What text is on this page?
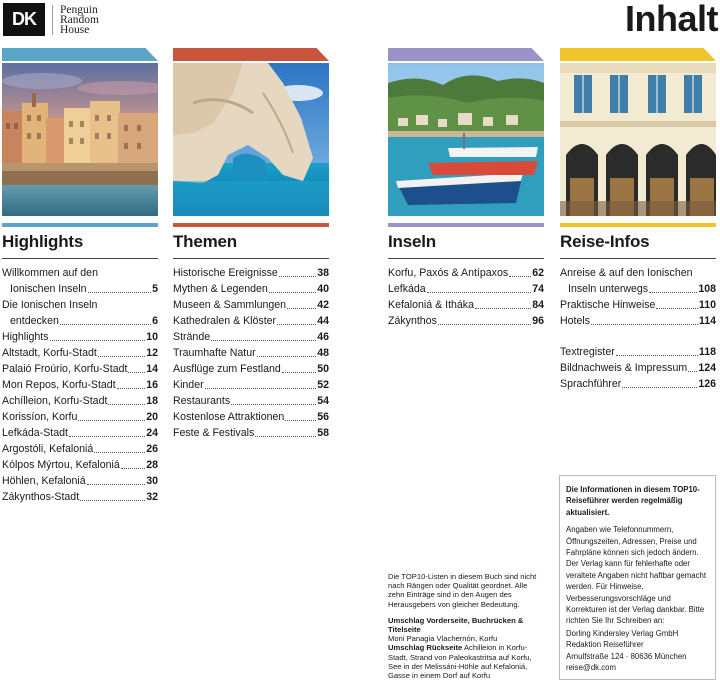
DK	Penguin
Random
House	Inhalt
Highlights
Willkommen auf den
Ionischen Inseln	5
Die Ionischen Inseln
entdecken	6
Highlights	10
Altstadt, Korfu-Stadt	12
Palaió Froúrio, Korfu-Stadt 14
Mon Repos, Korfu-Stadt	16
Achílleion, Korfu-Stadt	18
Korissíon, Korfu	20
Lefkáda-Stadt	24
Argostóli, Kefaloniá	26
Kólpos Mýrtou, Kefaloniá 28
Höhlen, Kefaloniá	30
Zákynthos-Stadt	32
Themen
Historische Ereignisse	38
Mythen & Legenden	40
Museen & Sammlungen	42
Kathedralen & Klöster	44
Strände	46
Traumhafte Natur	48
Ausflüge zum Festland	50
Kinder	52
Restaurants	54
Kostenlose Attraktionen	56
Feste & Festivals	58
Inseln
Korfu, Paxós & Antípaxos 62
Lefkáda	74
Kefaloniá & Itháka	84
Zákynthos	96
Reise-Infos
Anreise & auf den Ionischen
Inseln unterwegs	108
Praktische Hinweise	110
Hotels	114
Textregister	118
Bildnachweis & Impressum 124
Sprachführer	126

Die TOP10-Listen in diesem Buch sind nicht nach Rängen oder Qualität geordnet. Alle zehn Einträge sind in den Augen des Herausgebers von gleicher Bedeutung.

Umschlag Vorderseite, Buchrücken & Titelseite
Moni Panagia Vlachernón, Korfu
Umschlag Rückseite Achilleion in Korfu-Stadt, Strand von Paleokastritsa auf Korfu, See in der Melissáni-Höhle auf Kefaloniá, Gasse in einem Dorf auf Korfu

Die Informationen in diesem TOP10-Reiseführer werden regelmäßig aktualisiert.

Angaben wie Telefonnummern, Öffnungszeiten, Adressen, Preise und Fahrpläne können sich jedoch ändern. Der Verlag kann für fehlerhafte oder veraltete Angaben nicht haftbar gemacht werden. Für Hinweise, Verbesserungsvorschläge und Korrekturen ist der Verlag dankbar. Bitte richten Sie Ihr Schreiben an:

Dorling Kindersley Verlag GmbH
Redaktion Reiseführer
Arnulfstraße 124 · 80636 München
reise@dk.com
